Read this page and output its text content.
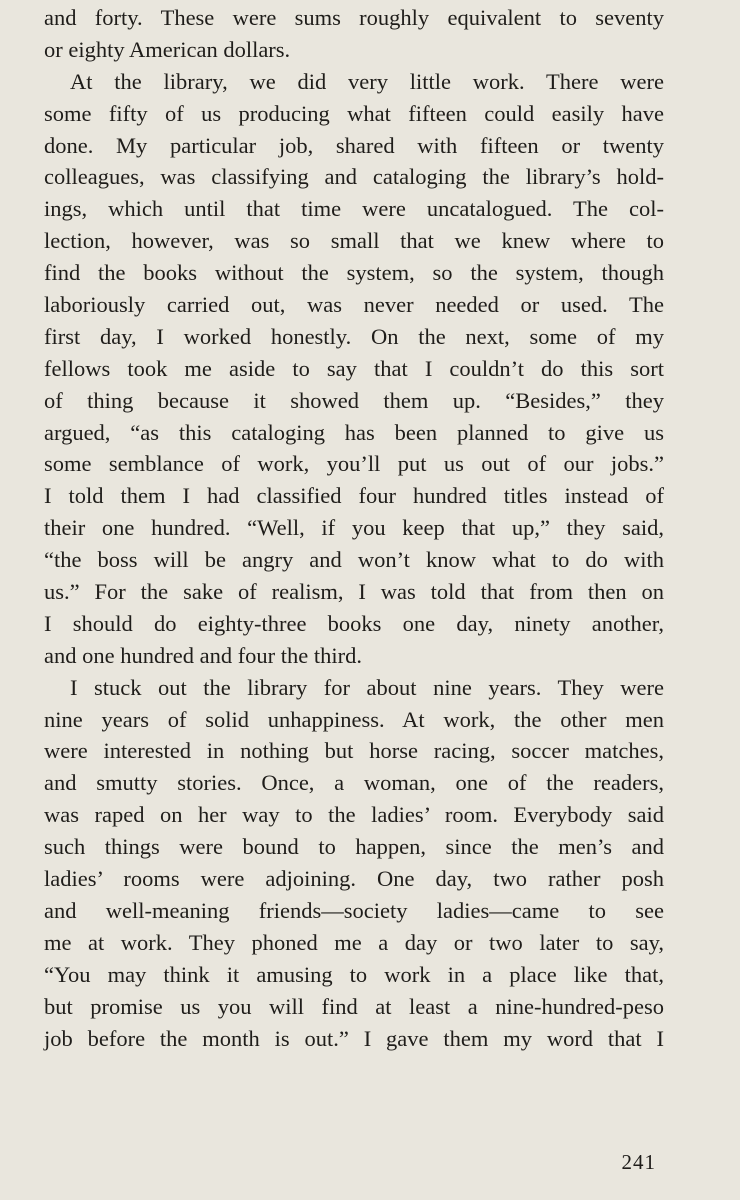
and forty. These were sums roughly equivalent to seventy
or eighty American dollars.
At the library, we did very little work. There were
some fifty of us producing what fifteen could easily have
done. My particular job, shared with fifteen or twenty
colleagues, was classifying and cataloging the library’s hold-
ings, which until that time were uncatalogued. The col-
lection, however, was so small that we knew where to
find the books without the system, so the system, though
laboriously carried out, was never needed or used. The
first day, I worked honestly. On the next, some of my
fellows took me aside to say that I couldn’t do this sort
of thing because it showed them up. “Besides,” they
argued, “as this cataloging has been planned to give us
some semblance of work, you’ll put us out of our jobs.”
I told them I had classified four hundred titles instead of
their one hundred. “Well, if you keep that up,” they said,
“the boss will be angry and won’t know what to do with
us.” For the sake of realism, I was told that from then on
I should do eighty-three books one day, ninety another,
and one hundred and four the third.
I stuck out the library for about nine years. They were
nine years of solid unhappiness. At work, the other men
were interested in nothing but horse racing, soccer matches,
and smutty stories. Once, a woman, one of the readers,
was raped on her way to the ladies’ room. Everybody said
such things were bound to happen, since the men’s and
ladies’ rooms were adjoining. One day, two rather posh
and well-meaning friends—society ladies—came to see
me at work. They phoned me a day or two later to say,
“You may think it amusing to work in a place like that,
but promise us you will find at least a nine-hundred-peso
job before the month is out.” I gave them my word that I
241
